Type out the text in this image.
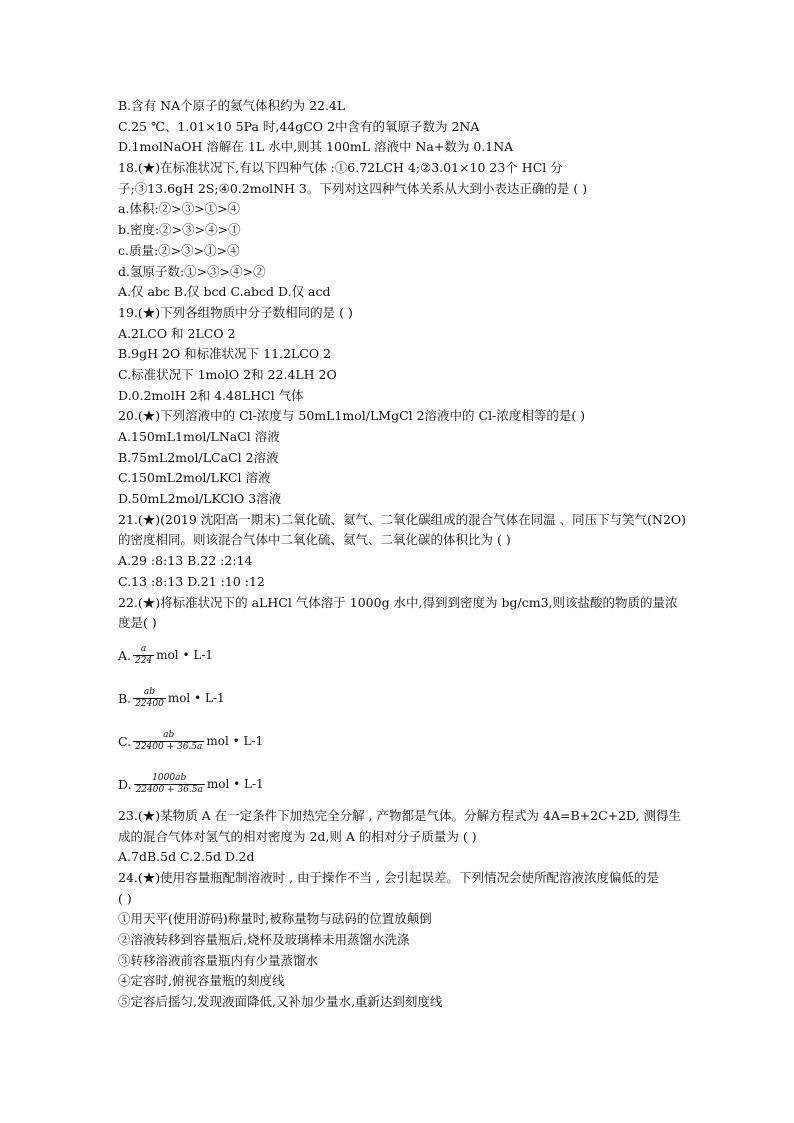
B.含有 NA个原子的氦气体积约为 22.4L
C.25 ℃、1.01×10 5Pa 时,44gCO 2中含有的氧原子数为 2NA
D.1molNaOH 溶解在 1L 水中,则其 100mL 溶液中 Na+数为 0.1NA
18.(★)在标准状况下,有以下四种气体 :①6.72LCH 4;②3.01×10 23个 HCl 分
子;③13.6gH 2S;④0.2molNH 3。下列对这四种气体关系从大到小表达正确的是 ( )
a.体积:②>③>①>④
b.密度:②>③>④>①
c.质量:②>③>①>④
d.氢原子数:①>③>④>②
A.仅 abc B.仅 bcd C.abcd D.仅 acd
19.(★)下列各组物质中分子数相同的是 ( )
A.2LCO 和 2LCO 2
B.9gH 2O 和标准状况下 11.2LCO 2
C.标准状况下 1molO 2和 22.4LH 2O
D.0.2molH 2和 4.48LHCl 气体
20.(★)下列溶液中的 Cl-浓度与 50mL1mol/LMgCl 2溶液中的 Cl-浓度相等的是( )
A.150mL1mol/LNaCl 溶液
B.75mL2mol/LCaCl 2溶液
C.150mL2mol/LKCl 溶液
D.50mL2mol/LKClO 3溶液
21.(★)(2019 沈阳高一期末)二氧化硫、氦气、二氧化碳组成的混合气体在同温 、同压下与笑气(N2O)
的密度相同。则该混合气体中二氧化硫、氦气、二氧化碳的体积比为 ( )
A.29 :8:13 B.22 :2:14
C.13 :8:13 D.21 :10 :12
22.(★)将标准状况下的 aLHCl 气体溶于 1000g 水中,得到到密度为 bg/cm3,则该盐酸的物质的量浓
度是( )
A. $\frac{a}{224}$ mol • L-1
B. $\frac{ab}{22400}$ mol • L-1
C. $\frac{ab}{22400 + 36.5a}$ mol • L-1
D. $\frac{1000ab}{22400 + 36.5a}$ mol • L-1
23.(★)某物质 A 在一定条件下加热完全分解 , 产物都是气体。分解方程式为 4A=B+2C+2D, 测得生
成的混合气体对氢气的相对密度为 2d,则 A 的相对分子质量为 ( )
A.7dB.5d C.2.5d D.2d
24.(★)使用容量瓶配制溶液时 , 由于操作不当 , 会引起误差。下列情况会使所配溶液浓度偏低的是
( )
①用天平(使用游码)称量时,被称量物与砝码的位置放颠倒
②溶液转移到容量瓶后,烧杯及玻璃棒未用蒸馏水洗涤
③转移溶液前容量瓶内有少量蒸馏水
④定容时,俯视容量瓶的刻度线
⑤定容后摇匀,发现液面降低,又补加少量水,重新达到刻度线
